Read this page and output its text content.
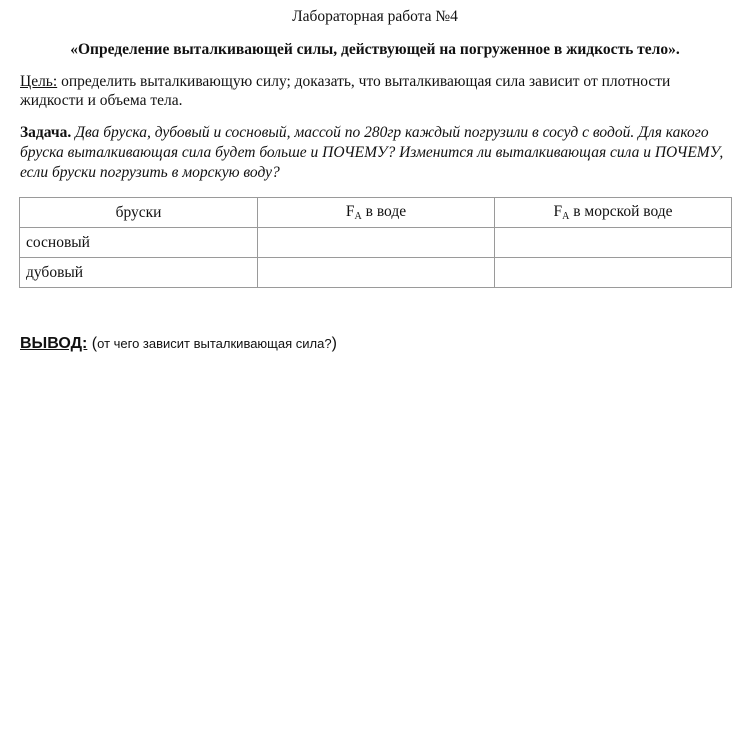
Лабораторная работа №4
«Определение выталкивающей силы, действующей на погруженное в жидкость тело».
Цель: определить выталкивающую силу; доказать, что выталкивающая сила зависит от плотности жидкости и объема тела.
Задача. Два бруска, дубовый и сосновый, массой по 280гр каждый погрузили в сосуд с водой. Для какого бруска выталкивающая сила будет больше и ПОЧЕМУ? Изменится ли выталкивающая сила и ПОЧЕМУ, если бруски погрузить в морскую воду?
бруски	$F_A$ в воде	$F_A$ в морской воде
сосновый		
дубовый		
ВЫВОД: (от чего зависит выталкивающая сила?)
